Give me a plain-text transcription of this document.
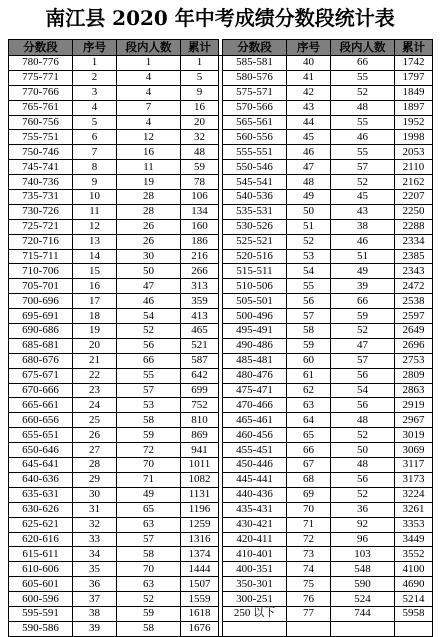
南江县 2020 年中考成绩分数段统计表
分数段	序号	段内人数	累计		分数段	序号	段内人数	累计
780-776	1	1	1		585-581	40	66	1742
775-771	2	4	5		580-576	41	55	1797
770-766	3	4	9		575-571	42	52	1849
765-761	4	7	16		570-566	43	48	1897
760-756	5	4	20		565-561	44	55	1952
755-751	6	12	32		560-556	45	46	1998
750-746	7	16	48		555-551	46	55	2053
745-741	8	11	59		550-546	47	57	2110
740-736	9	19	78		545-541	48	52	2162
735-731	10	28	106		540-536	49	45	2207
730-726	11	28	134		535-531	50	43	2250
725-721	12	26	160		530-526	51	38	2288
720-716	13	26	186		525-521	52	46	2334
715-711	14	30	216		520-516	53	51	2385
710-706	15	50	266		515-511	54	49	2343
705-701	16	47	313		510-506	55	39	2472
700-696	17	46	359		505-501	56	66	2538
695-691	18	54	413		500-496	57	59	2597
690-686	19	52	465		495-491	58	52	2649
685-681	20	56	521		490-486	59	47	2696
680-676	21	66	587		485-481	60	57	2753
675-671	22	55	642		480-476	61	56	2809
670-666	23	57	699		475-471	62	54	2863
665-661	24	53	752		470-466	63	56	2919
660-656	25	58	810		465-461	64	48	2967
655-651	26	59	869		460-456	65	52	3019
650-646	27	72	941		455-451	66	50	3069
645-641	28	70	1011		450-446	67	48	3117
640-636	29	71	1082		445-441	68	56	3173
635-631	30	49	1131		440-436	69	52	3224
630-626	31	65	1196		435-431	70	36	3261
625-621	32	63	1259		430-421	71	92	3353
620-616	33	57	1316		420-411	72	96	3449
615-611	34	58	1374		410-401	73	103	3552
610-606	35	70	1444		400-351	74	548	4100
605-601	36	63	1507		350-301	75	590	4690
600-596	37	52	1559		300-251	76	524	5214
595-591	38	59	1618		250 以下	77	744	5958
590-586	39	58	1676					
